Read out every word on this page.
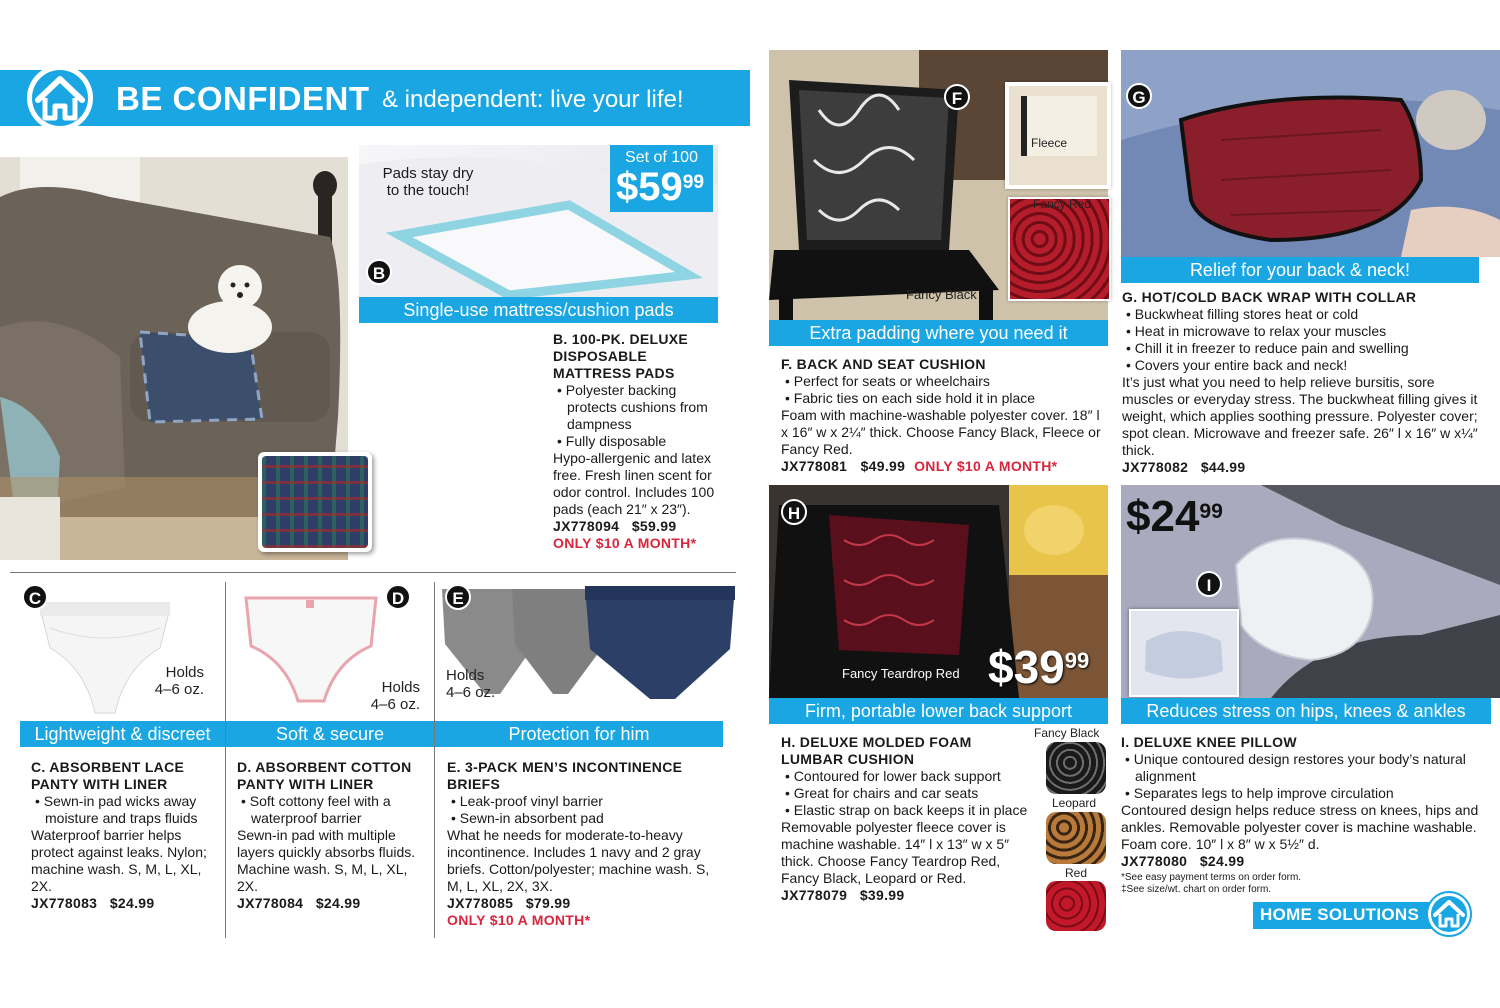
BE CONFIDENT & independent: live your life!
Pads stay dry
to the touch!
Set of 100
$\$59^{99}$
B
Single-use mattress/cushion pads
B. 100-PK. DELUXE DISPOSABLE MATTRESS PADS
• Polyester backing protects cushions from dampness
• Fully disposable
Hypo-allergenic and latex free. Fresh linen scent for odor control. Includes 100 pads (each 21″ x 23″).
JX778094 $59.99
ONLY $10 A MONTH*
C
Holds
4–6 oz.
Lightweight & discreet
D
Holds
4–6 oz.
Soft & secure
E
Holds
4–6 oz.
Protection for him
C. ABSORBENT LACE PANTY WITH LINER
• Sewn-in pad wicks away moisture and traps fluids
Waterproof barrier helps protect against leaks. Nylon; machine wash. S, M, L, XL, 2X.
JX778083 $24.99
D. ABSORBENT COTTON PANTY WITH LINER
• Soft cottony feel with a waterproof barrier
Sewn-in pad with multiple layers quickly absorbs fluids. Machine wash. S, M, L, XL, 2X.
JX778084 $24.99
E. 3-PACK MEN’S INCONTINENCE BRIEFS
• Leak-proof vinyl barrier
• Sewn-in absorbent pad
What he needs for moderate-to-heavy incontinence. Includes 1 navy and 2 gray briefs. Cotton/polyester; machine wash. S, M, L, XL, 2X, 3X.
JX778085 $79.99
ONLY $10 A MONTH*
Fleece
Fancy Red
Fancy Black
F
Extra padding where you need it
F. BACK AND SEAT CUSHION
• Perfect for seats or wheelchairs
• Fabric ties on each side hold it in place
Foam with machine-washable polyester cover. 18″ l x 16″ w x 2¼″ thick. Choose Fancy Black, Fleece or Fancy Red.
JX778081 $49.99 ONLY $10 A MONTH*
G
Relief for your back & neck!
G. HOT/COLD BACK WRAP WITH COLLAR
• Buckwheat filling stores heat or cold
• Heat in microwave to relax your muscles
• Chill it in freezer to reduce pain and swelling
• Covers your entire back and neck!
It’s just what you need to help relieve bursitis, sore muscles or everyday stress. The buckwheat filling gives it weight, which applies soothing pressure. Polyester cover; spot clean. Microwave and freezer safe. 26″ l x 16″ w x¼″ thick.
JX778082 $44.99
H
Fancy Teardrop Red $\$39^{99}$
Firm, portable lower back support
H. DELUXE MOLDED FOAM LUMBAR CUSHION
• Contoured for lower back support
• Great for chairs and car seats
• Elastic strap on back keeps it in place
Removable polyester fleece cover is machine washable. 14″ l x 13″ w x 5″ thick. Choose Fancy Teardrop Red, Fancy Black, Leopard or Red.
JX778079 $39.99
Fancy Black
Leopard
Red
$\$24^{99}$
I
Reduces stress on hips, knees & ankles
I. DELUXE KNEE PILLOW
• Unique contoured design restores your body’s natural alignment
• Separates legs to help improve circulation
Contoured design helps reduce stress on knees, hips and ankles. Removable polyester cover is machine washable. Foam core. 10″ l x 8″ w x 5½″ d.
JX778080 $24.99
*See easy payment terms on order form.
‡See size/wt. chart on order form.
HOME SOLUTIONS
